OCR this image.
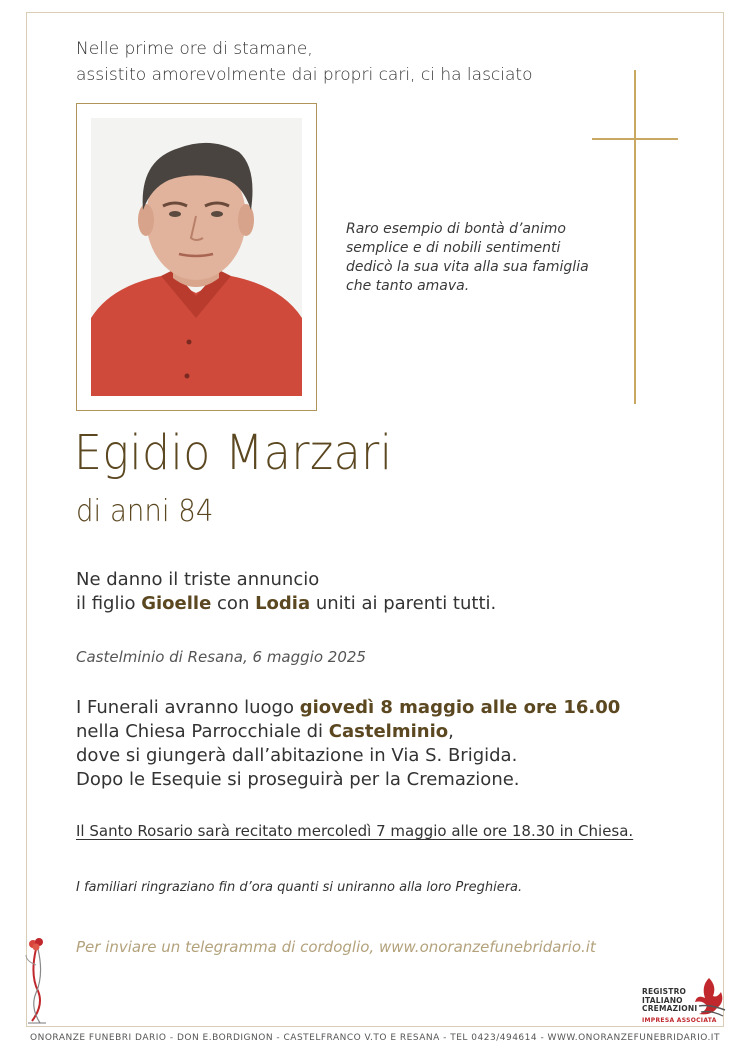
Nelle prime ore di stamane,
assistito amorevolmente dai propri cari, ci ha lasciato
Raro esempio di bontà d’animo
semplice e di nobili sentimenti
dedicò la sua vita alla sua famiglia
che tanto amava.
Egidio Marzari
di anni 84
Ne danno il triste annuncio
il figlio Gioelle con Lodia uniti ai parenti tutti.
Castelminio di Resana, 6 maggio 2025
I Funerali avranno luogo giovedì 8 maggio alle ore 16.00
nella Chiesa Parrocchiale di Castelminio,
dove si giungerà dall’abitazione in Via S. Brigida.
Dopo le Esequie si proseguirà per la Cremazione.
Il Santo Rosario sarà recitato mercoledì 7 maggio alle ore 18.30 in Chiesa.
I familiari ringraziano fin d’ora quanti si uniranno alla loro Preghiera.
Per inviare un telegramma di cordoglio, www.onoranzefunebridario.it
REGISTRO
ITALIANO
CREMAZIONI
IMPRESA ASSOCIATA
ONORANZE FUNEBRI DARIO - DON E.BORDIGNON - CASTELFRANCO V.TO E RESANA - TEL 0423/494614 - WWW.ONORANZEFUNEBRIDARIO.IT
